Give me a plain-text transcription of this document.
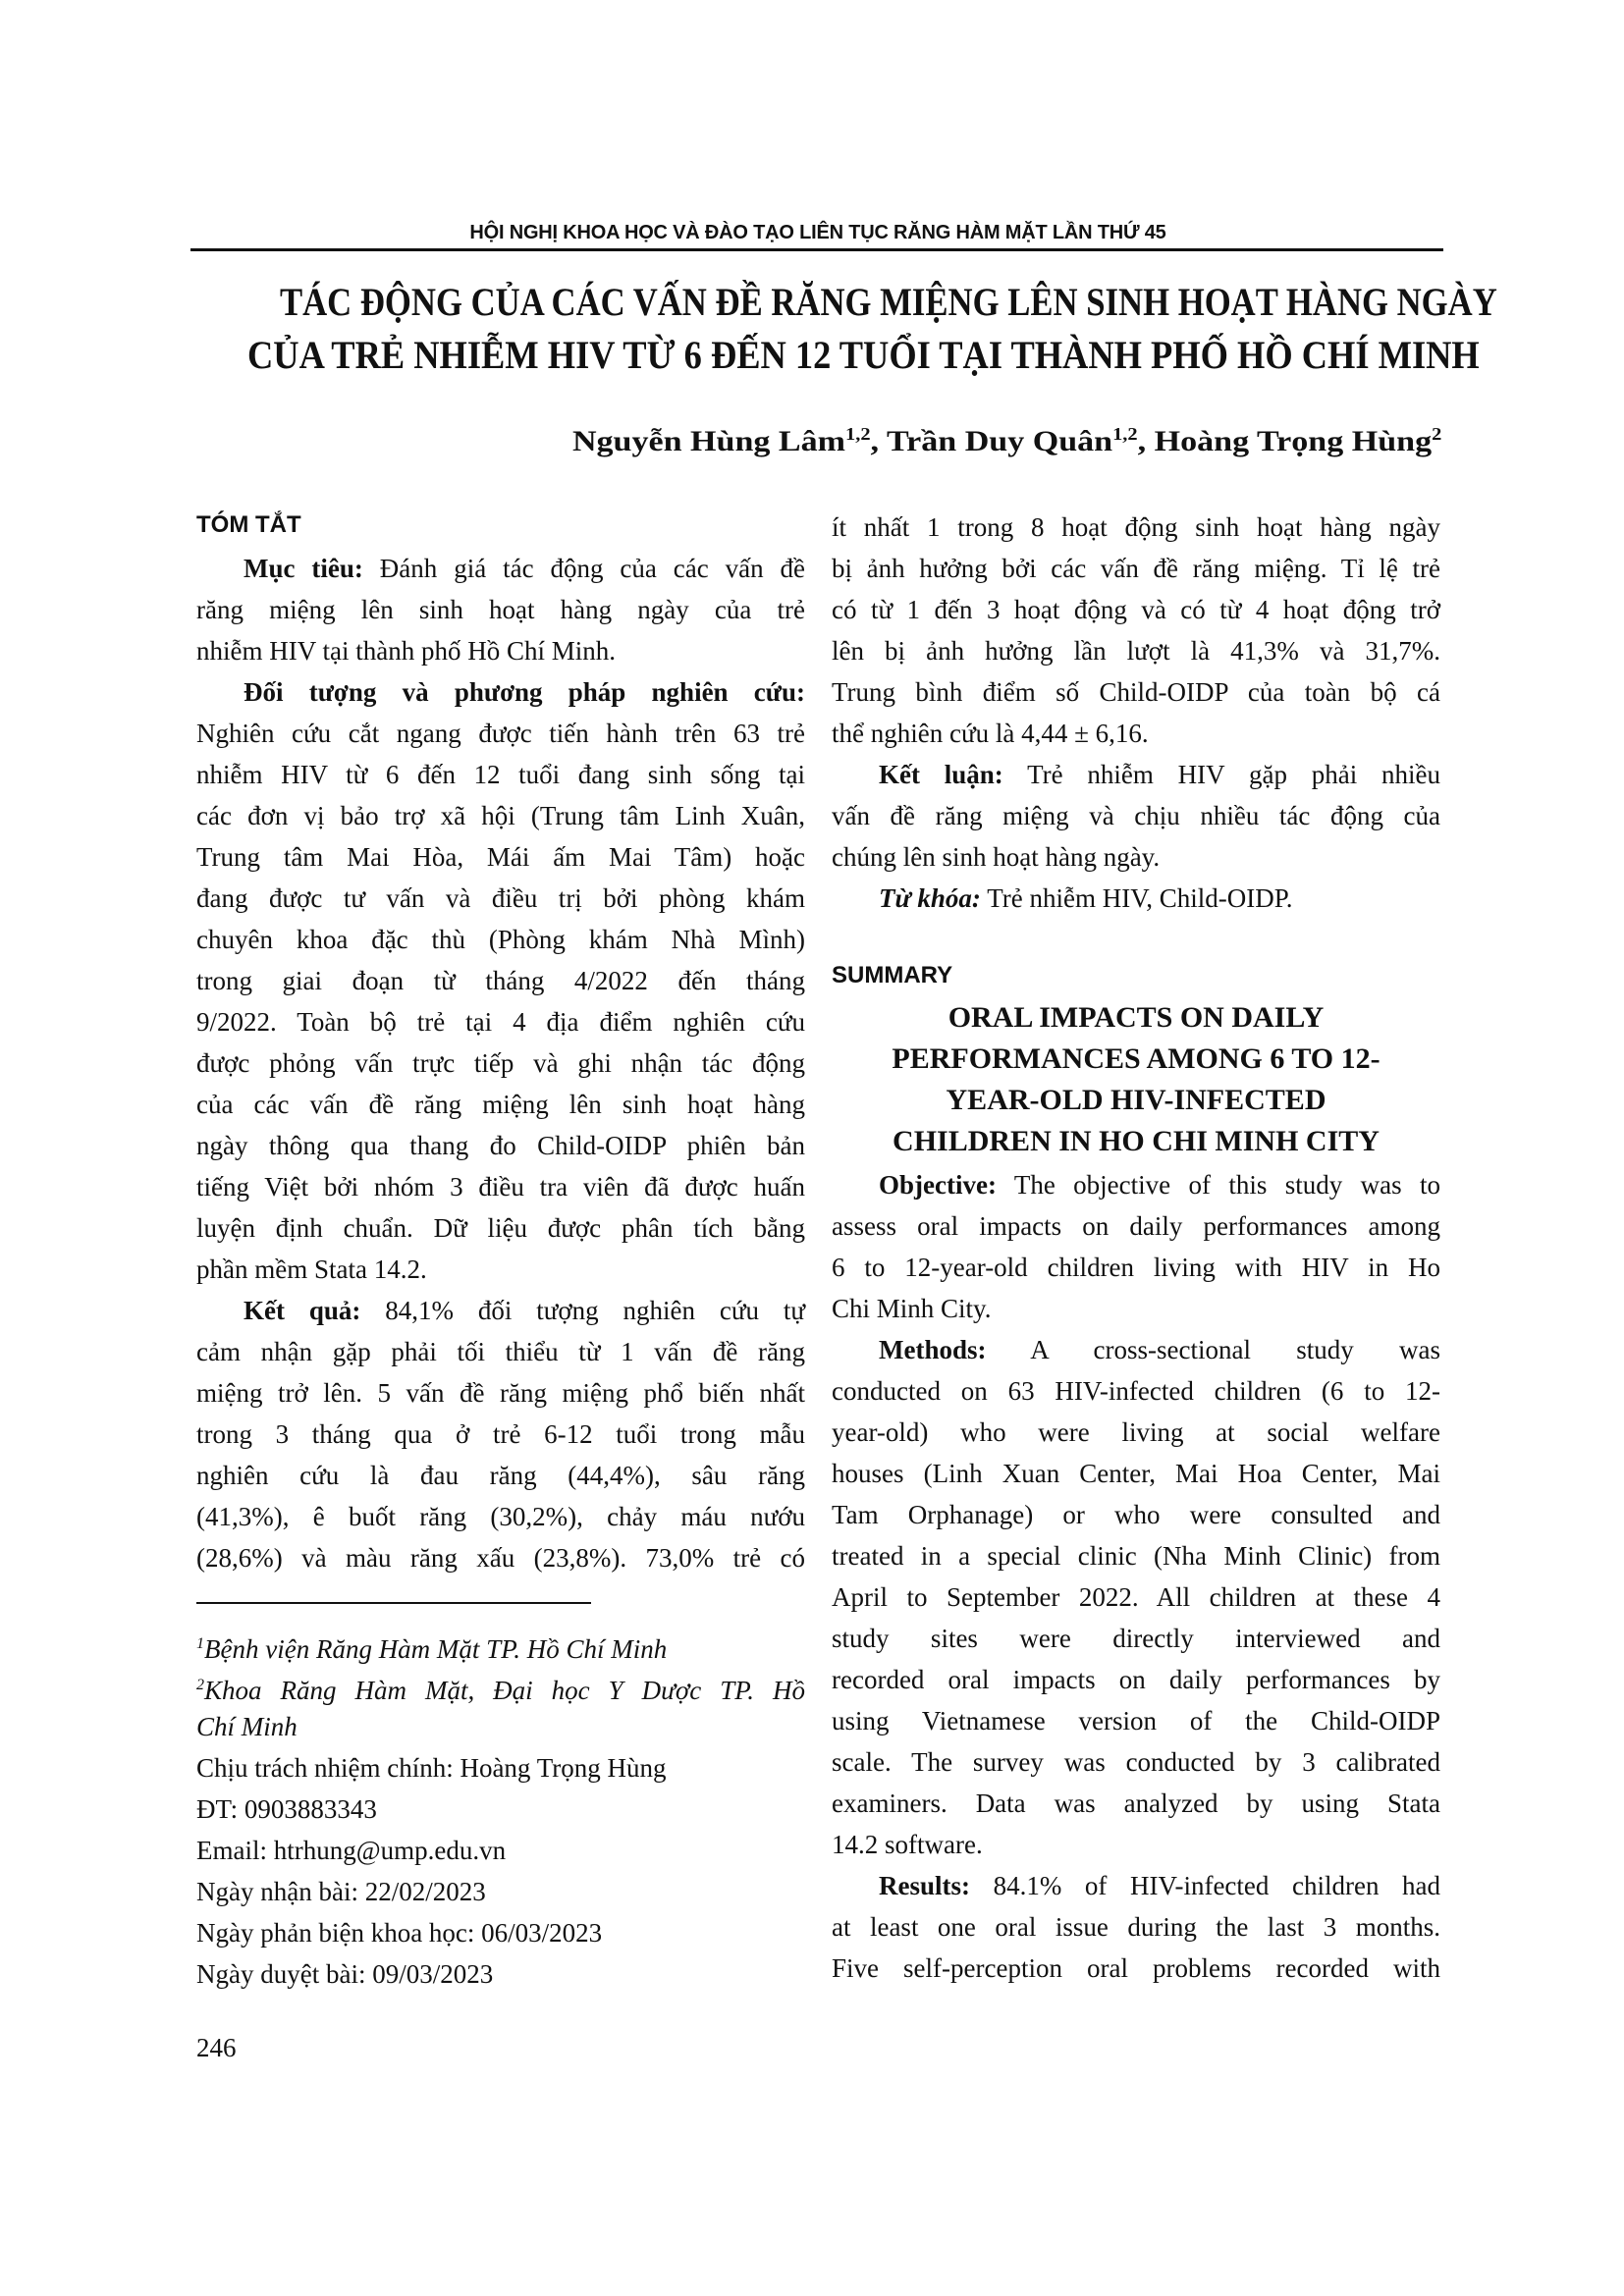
HỘI NGHỊ KHOA HỌC VÀ ĐÀO TẠO LIÊN TỤC RĂNG HÀM MẶT LẦN THỨ 45
TÁC ĐỘNG CỦA CÁC VẤN ĐỀ RĂNG MIỆNG LÊN SINH HOẠT HÀNG NGÀY
CỦA TRẺ NHIỄM HIV TỪ 6 ĐẾN 12 TUỔI TẠI THÀNH PHỐ HỒ CHÍ MINH
Nguyễn Hùng Lâm$^{1,2}$, Trần Duy Quân$^{1,2}$, Hoàng Trọng Hùng$^2$
TÓM TẮT
Mục tiêu: Đánh giá tác động của các vấn đề
răng miệng lên sinh hoạt hàng ngày của trẻ
nhiễm HIV tại thành phố Hồ Chí Minh.
Đối tượng và phương pháp nghiên cứu:
Nghiên cứu cắt ngang được tiến hành trên 63 trẻ
nhiễm HIV từ 6 đến 12 tuổi đang sinh sống tại
các đơn vị bảo trợ xã hội (Trung tâm Linh Xuân,
Trung tâm Mai Hòa, Mái ấm Mai Tâm) hoặc
đang được tư vấn và điều trị bởi phòng khám
chuyên khoa đặc thù (Phòng khám Nhà Mình)
trong giai đoạn từ tháng 4/2022 đến tháng
9/2022. Toàn bộ trẻ tại 4 địa điểm nghiên cứu
được phỏng vấn trực tiếp và ghi nhận tác động
của các vấn đề răng miệng lên sinh hoạt hàng
ngày thông qua thang đo Child-OIDP phiên bản
tiếng Việt bởi nhóm 3 điều tra viên đã được huấn
luyện định chuẩn. Dữ liệu được phân tích bằng
phần mềm Stata 14.2.
Kết quả: 84,1% đối tượng nghiên cứu tự
cảm nhận gặp phải tối thiểu từ 1 vấn đề răng
miệng trở lên. 5 vấn đề răng miệng phổ biến nhất
trong 3 tháng qua ở trẻ 6-12 tuổi trong mẫu
nghiên cứu là đau răng (44,4%), sâu răng
(41,3%), ê buốt răng (30,2%), chảy máu nướu
(28,6%) và màu răng xấu (23,8%). 73,0% trẻ có
ít nhất 1 trong 8 hoạt động sinh hoạt hàng ngày
bị ảnh hưởng bởi các vấn đề răng miệng. Tỉ lệ trẻ
có từ 1 đến 3 hoạt động và có từ 4 hoạt động trở
lên bị ảnh hưởng lần lượt là 41,3% và 31,7%.
Trung bình điểm số Child-OIDP của toàn bộ cá
thể nghiên cứu là 4,44 ± 6,16.
Kết luận: Trẻ nhiễm HIV gặp phải nhiều
vấn đề răng miệng và chịu nhiều tác động của
chúng lên sinh hoạt hàng ngày.
Từ khóa: Trẻ nhiễm HIV, Child-OIDP.
SUMMARY
ORAL IMPACTS ON DAILY
PERFORMANCES AMONG 6 TO 12-
YEAR-OLD HIV-INFECTED
CHILDREN IN HO CHI MINH CITY
Objective: The objective of this study was to
assess oral impacts on daily performances among
6 to 12-year-old children living with HIV in Ho
Chi Minh City.
Methods: A cross-sectional study was
conducted on 63 HIV-infected children (6 to 12-
year-old) who were living at social welfare
houses (Linh Xuan Center, Mai Hoa Center, Mai
Tam Orphanage) or who were consulted and
treated in a special clinic (Nha Minh Clinic) from
April to September 2022. All children at these 4
study sites were directly interviewed and
recorded oral impacts on daily performances by
using Vietnamese version of the Child-OIDP
scale. The survey was conducted by 3 calibrated
examiners. Data was analyzed by using Stata
14.2 software.
Results: 84.1% of HIV-infected children had
at least one oral issue during the last 3 months.
Five self-perception oral problems recorded with
$^1$Bệnh viện Răng Hàm Mặt TP. Hồ Chí Minh
$^2$Khoa Răng Hàm Mặt, Đại học Y Dược TP. Hồ
Chí Minh
Chịu trách nhiệm chính: Hoàng Trọng Hùng
ĐT: 0903883343
Email: htrhung@ump.edu.vn
Ngày nhận bài: 22/02/2023
Ngày phản biện khoa học: 06/03/2023
Ngày duyệt bài: 09/03/2023
246
